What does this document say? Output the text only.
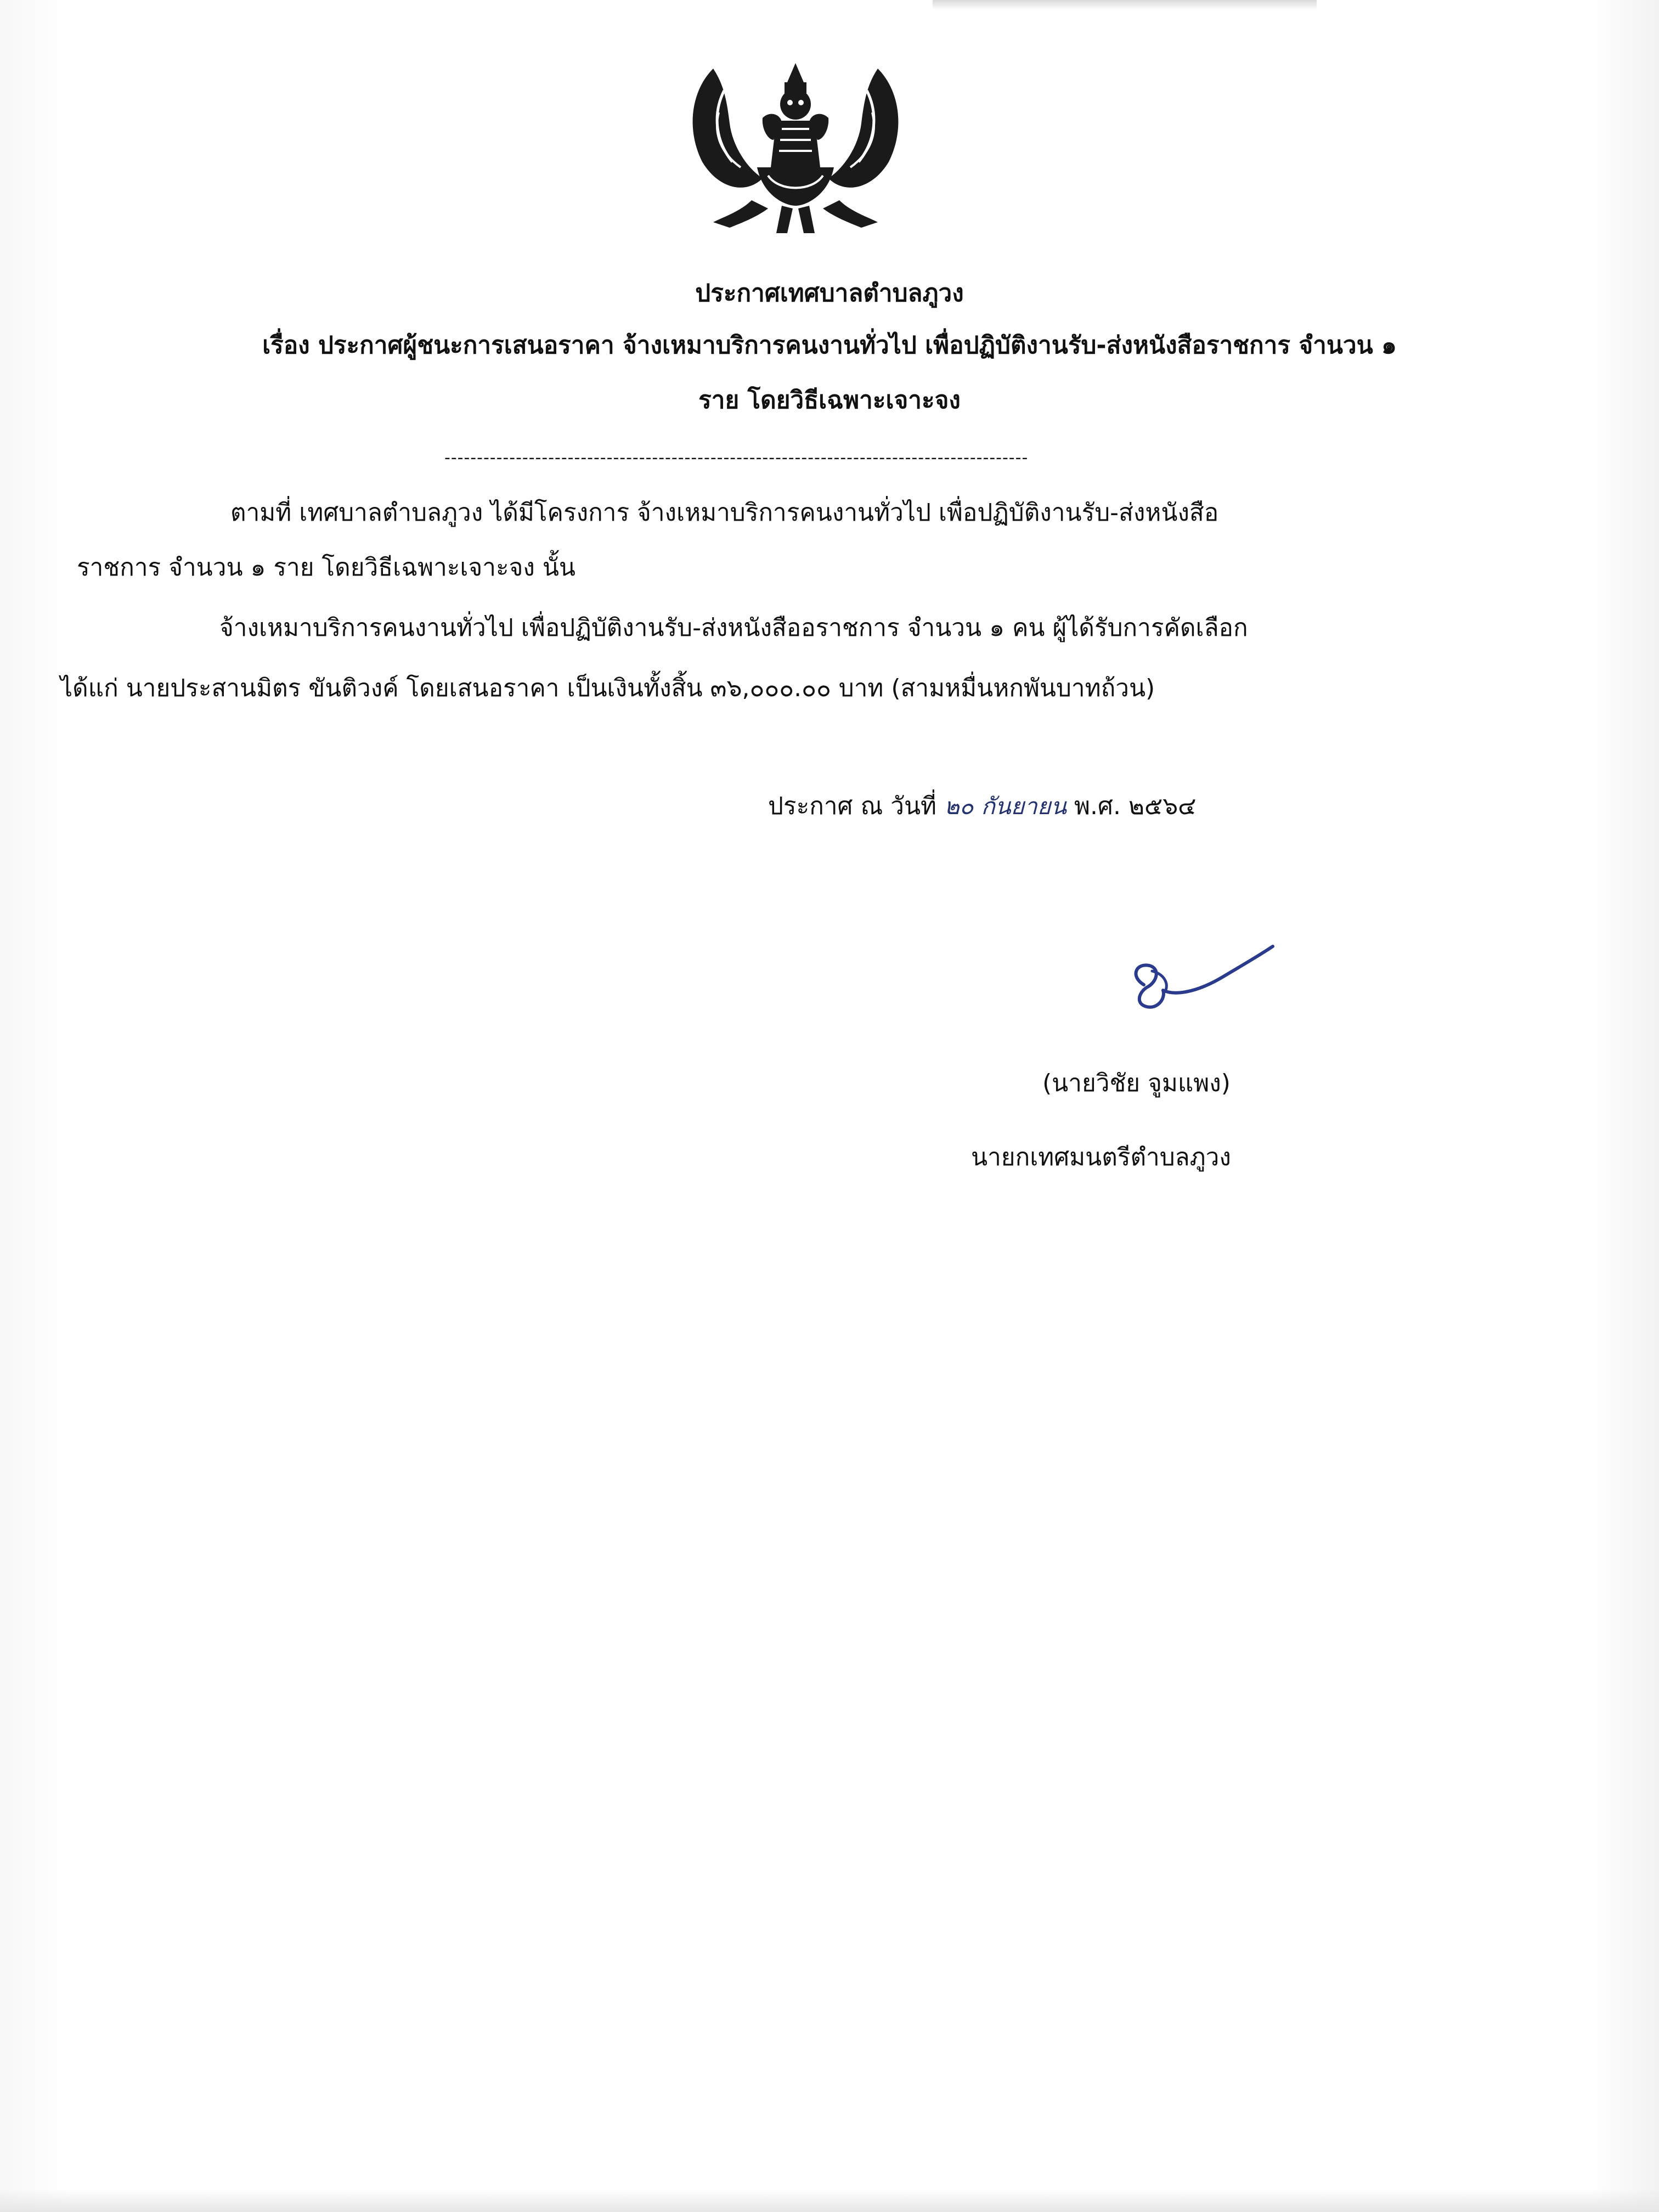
ประกาศเทศบาลตำบลภูวง
เรื่อง ประกาศผู้ชนะการเสนอราคา จ้างเหมาบริการคนงานทั่วไป เพื่อปฏิบัติงานรับ-ส่งหนังสือราชการ จำนวน ๑
ราย โดยวิธีเฉพาะเจาะจง
------------------------------------------------------------------------------------------
ตามที่ เทศบาลตำบลภูวง ได้มีโครงการ จ้างเหมาบริการคนงานทั่วไป เพื่อปฏิบัติงานรับ-ส่งหนังสือ
ราชการ จำนวน ๑ ราย โดยวิธีเฉพาะเจาะจง นั้น
จ้างเหมาบริการคนงานทั่วไป เพื่อปฏิบัติงานรับ-ส่งหนังสืออราชการ จำนวน ๑ คน ผู้ได้รับการคัดเลือก
ได้แก่ นายประสานมิตร ขันติวงค์ โดยเสนอราคา เป็นเงินทั้งสิ้น ๓๖,๐๐๐.๐๐ บาท (สามหมื่นหกพันบาทถ้วน)
ประกาศ ณ วันที่ ๒๐ กันยายน พ.ศ. ๒๕๖๔
(นายวิชัย จูมแพง)
นายกเทศมนตรีตำบลภูวง
